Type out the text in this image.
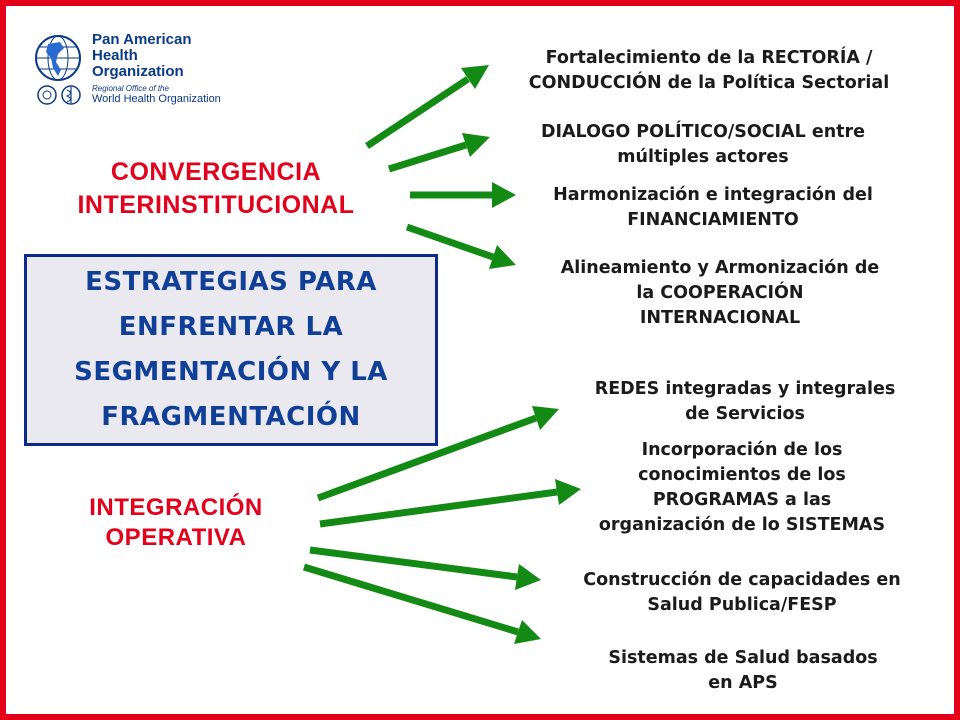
Pan American
Health
Organization
Regional Office of the
World Health Organization
CONVERGENCIA
INTERINSTITUCIONAL
ESTRATEGIAS PARA
ENFRENTAR LA
SEGMENTACIÓN Y LA
FRAGMENTACIÓN
INTEGRACIÓN
OPERATIVA
Fortalecimiento de la RECTORÍA /
CONDUCCIÓN de la Política Sectorial
DIALOGO POLÍTICO/SOCIAL entre
múltiples actores
Harmonización e integración del
FINANCIAMIENTO
Alineamiento y Armonización de
la COOPERACIÓN
INTERNACIONAL
REDES integradas y integrales
de Servicios
Incorporación de los
conocimientos de los
PROGRAMAS a las
organización de lo SISTEMAS
Construcción de capacidades en
Salud Publica/FESP
Sistemas de Salud basados
en APS
